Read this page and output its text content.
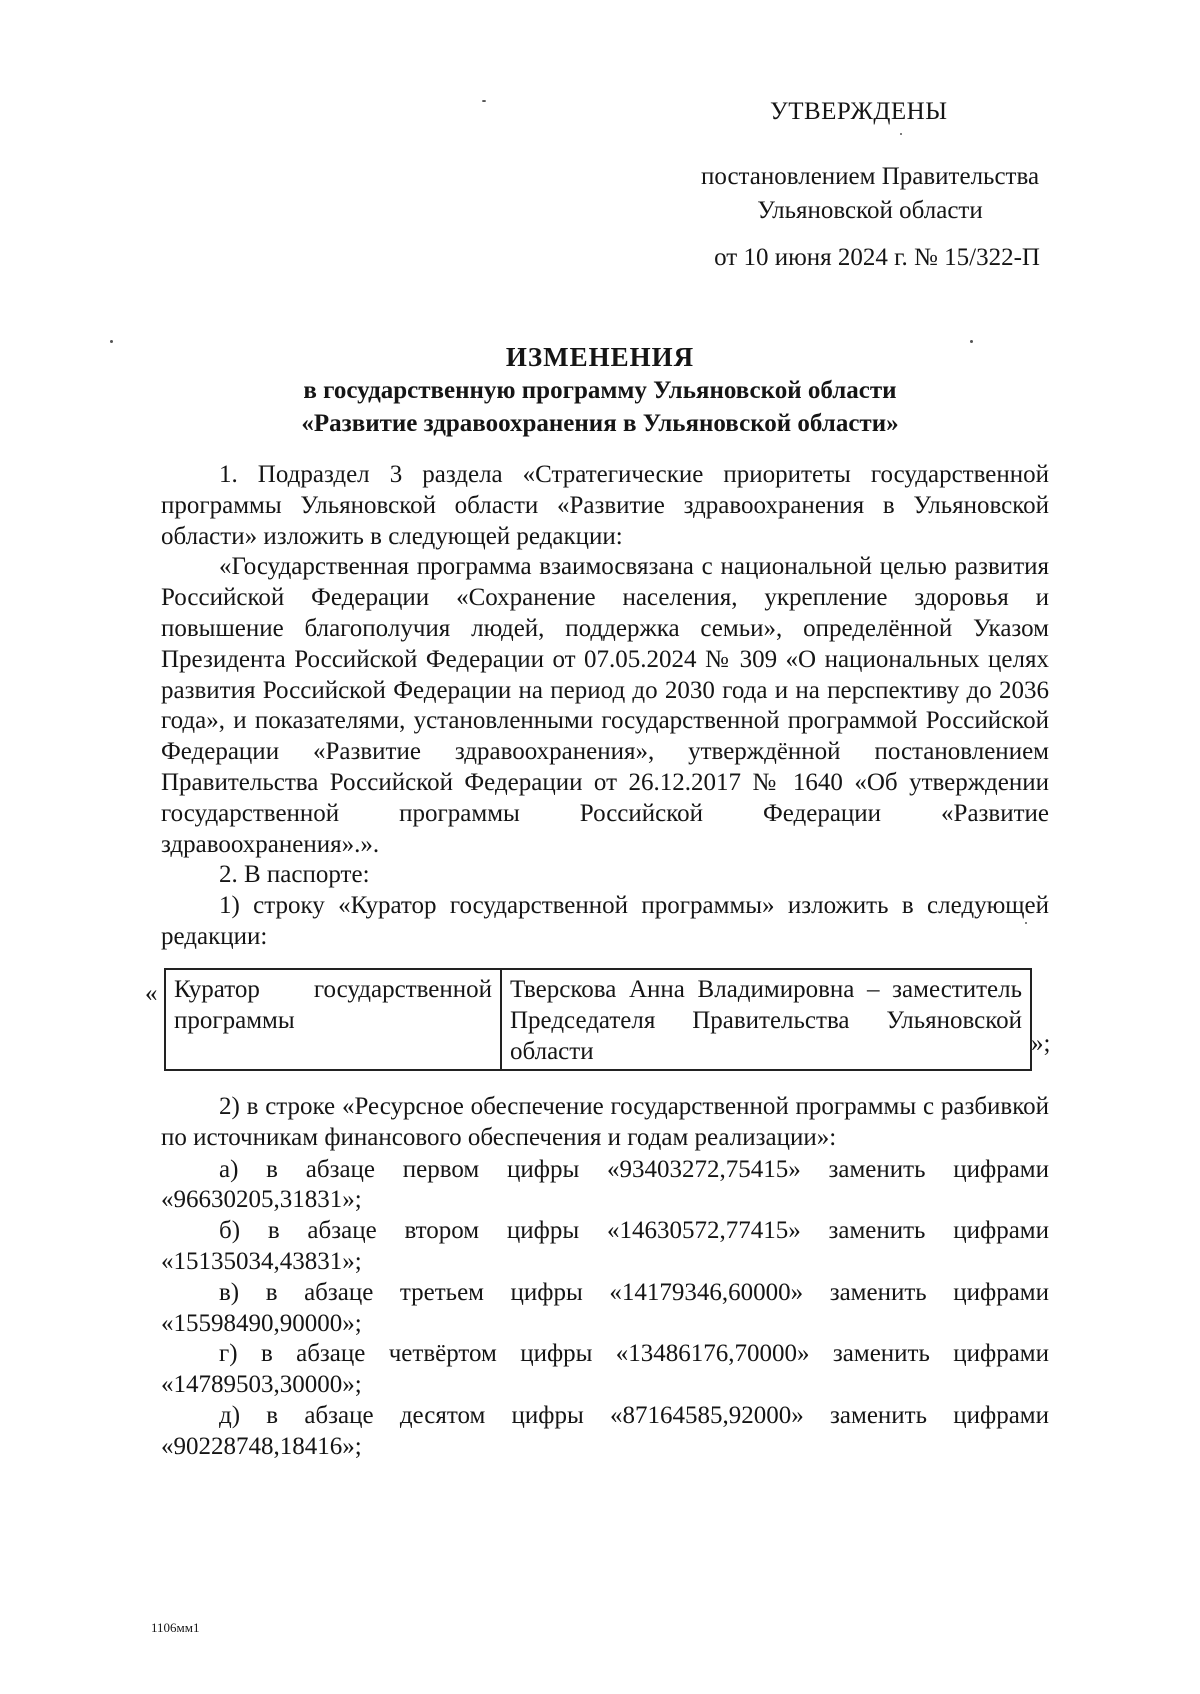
УТВЕРЖДЕНЫ
постановлением Правительства
Ульяновской области
от 10 июня 2024 г. № 15/322-П
ИЗМЕНЕНИЯ
в государственную программу Ульяновской области
«Развитие здравоохранения в Ульяновской области»

1. Подраздел 3 раздела «Стратегические приоритеты государственной программы Ульяновской области «Развитие здравоохранения в Ульяновской области» изложить в следующей редакции:

«Государственная программа взаимосвязана с национальной целью развития Российской Федерации «Сохранение населения, укрепление здоровья и повышение благополучия людей, поддержка семьи», определённой Указом Президента Российской Федерации от 07.05.2024 № 309 «О национальных целях развития Российской Федерации на период до 2030 года и на перспективу до 2036 года», и показателями, установленными государственной программой Российской Федерации «Развитие здравоохранения», утверждённой постановлением Правительства Российской Федерации от 26.12.2017 № 1640 «Об утверждении государственной программы Российской Федерации «Развитие здравоохранения».».

2. В паспорте:

1) строку «Куратор государственной программы» изложить в следующей редакции:

« Куратор государственной программы	Тверскова Анна Владимировна – заместитель Председателя Правительства Ульяновской области	»;

2) в строке «Ресурсное обеспечение государственной программы с разбивкой по источникам финансового обеспечения и годам реализации»:

а) в абзаце первом цифры «93403272,75415» заменить цифрами
«96630205,31831»;
б) в абзаце втором цифры «14630572,77415» заменить цифрами
«15135034,43831»;
в) в абзаце третьем цифры «14179346,60000» заменить цифрами
«15598490,90000»;
г) в абзаце четвёртом цифры «13486176,70000» заменить цифрами
«14789503,30000»;
д) в абзаце десятом цифры «87164585,92000» заменить цифрами
«90228748,18416»;
1106мм1
